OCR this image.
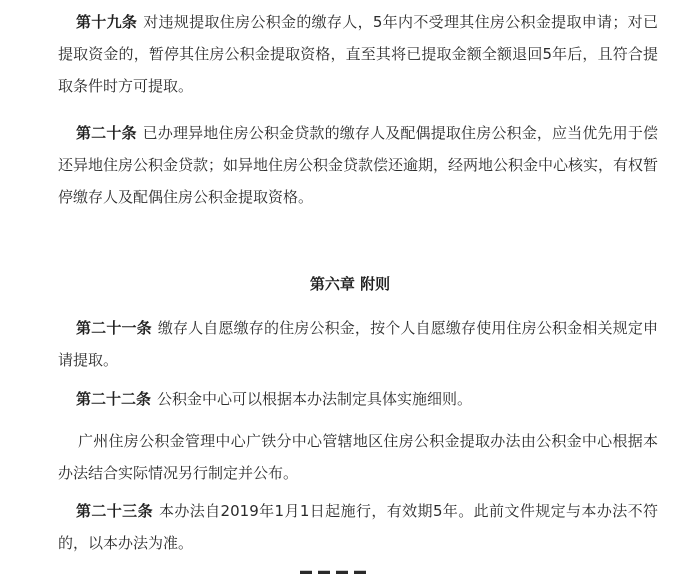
第十九条 对违规提取住房公积金的缴存人，5年内不受理其住房公积金提取申请；对已提取资金的，暂停其住房公积金提取资格，直至其将已提取金额全额退回5年后，且符合提取条件时方可提取。

第二十条 已办理异地住房公积金贷款的缴存人及配偶提取住房公积金，应当优先用于偿还异地住房公积金贷款；如异地住房公积金贷款偿还逾期，经两地公积金中心核实，有权暂停缴存人及配偶住房公积金提取资格。

第六章 附则

第二十一条 缴存人自愿缴存的住房公积金，按个人自愿缴存使用住房公积金相关规定申请提取。

第二十二条 公积金中心可以根据本办法制定具体实施细则。

广州住房公积金管理中心广铁分中心管辖地区住房公积金提取办法由公积金中心根据本办法结合实际情况另行制定并公布。

第二十三条 本办法自2019年1月1日起施行，有效期5年。此前文件规定与本办法不符的，以本办法为准。
